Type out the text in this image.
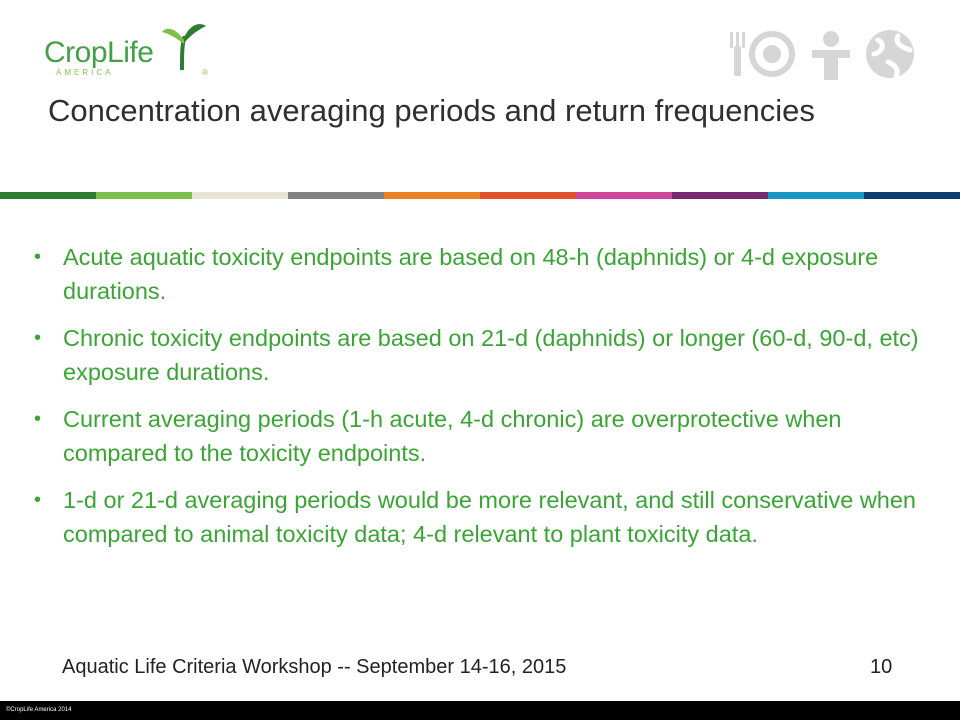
CropLife
AMERICA	®
Concentration averaging periods and return frequencies
• Acute aquatic toxicity endpoints are based on 48-h (daphnids) or 4-d exposure durations.
• Chronic toxicity endpoints are based on 21-d (daphnids) or longer (60-d, 90-d, etc) exposure durations.
• Current averaging periods (1-h acute, 4-d chronic) are overprotective when compared to the toxicity endpoints.
• 1-d or 21-d averaging periods would be more relevant, and still conservative when compared to animal toxicity data; 4-d relevant to plant toxicity data.
Aquatic Life Criteria Workshop -- September 14-16, 2015	10
©CropLife America 2014
